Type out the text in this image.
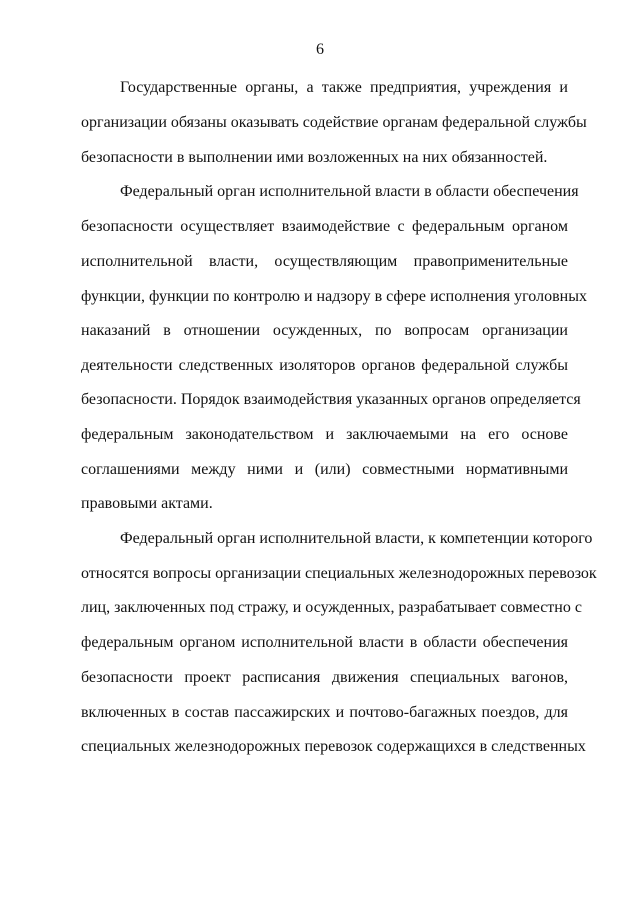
6
Государственные органы, а также предприятия, учреждения и
организации обязаны оказывать содействие органам федеральной службы
безопасности в выполнении ими возложенных на них обязанностей.
Федеральный орган исполнительной власти в области обеспечения
безопасности осуществляет взаимодействие с федеральным органом
исполнительной власти, осуществляющим правоприменительные
функции, функции по контролю и надзору в сфере исполнения уголовных
наказаний в отношении осужденных, по вопросам организации
деятельности следственных изоляторов органов федеральной службы
безопасности. Порядок взаимодействия указанных органов определяется
федеральным законодательством и заключаемыми на его основе
соглашениями между ними и (или) совместными нормативными
правовыми актами.
Федеральный орган исполнительной власти, к компетенции которого
относятся вопросы организации специальных железнодорожных перевозок
лиц, заключенных под стражу, и осужденных, разрабатывает совместно с
федеральным органом исполнительной власти в области обеспечения
безопасности проект расписания движения специальных вагонов,
включенных в состав пассажирских и почтово-багажных поездов, для
специальных железнодорожных перевозок содержащихся в следственных
